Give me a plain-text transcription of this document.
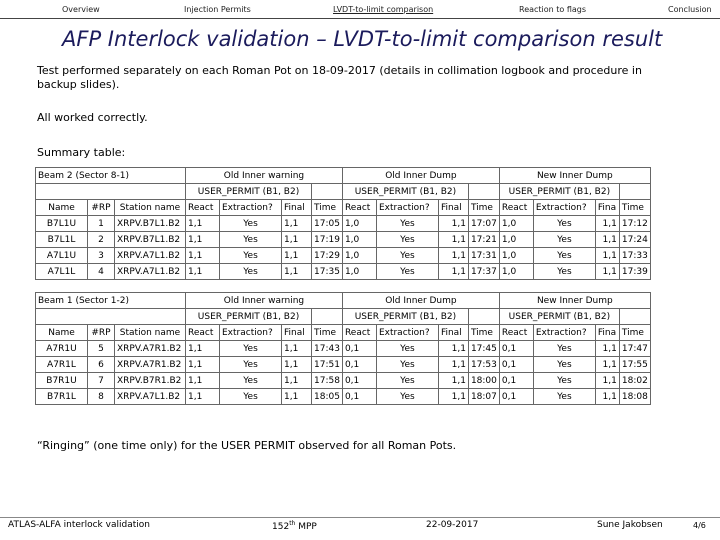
Overview	Injection Permits	LVDT-to-limit comparison	Reaction to flags	Conclusion
AFP Interlock validation – LVDT-to-limit comparison result
Test performed separately on each Roman Pot on 18-09-2017 (details in collimation logbook and procedure in backup slides).
All worked correctly.
Summary table:
Beam 2 (Sector 8-1)			Old Inner warning				Old Inner Dump				New Inner Dump			
			USER_PERMIT (B1, B2)				USER_PERMIT (B1, B2)				USER_PERMIT (B1, B2)			
Name	#RP	Station name	React	Extraction?	Final	Time	React	Extraction?	Final	Time	React	Extraction?	Fina	Time
B7L1U	1	XRPV.B7L1.B2	1,1	Yes	1,1	17:05	1,0	Yes	1,1	17:07	1,0	Yes	1,1	17:12
B7L1L	2	XRPV.B7L1.B2	1,1	Yes	1,1	17:19	1,0	Yes	1,1	17:21	1,0	Yes	1,1	17:24
A7L1U	3	XRPV.A7L1.B2	1,1	Yes	1,1	17:29	1,0	Yes	1,1	17:31	1,0	Yes	1,1	17:33
A7L1L	4	XRPV.A7L1.B2	1,1	Yes	1,1	17:35	1,0	Yes	1,1	17:37	1,0	Yes	1,1	17:39
Beam 1 (Sector 1-2)			Old Inner warning				Old Inner Dump				New Inner Dump			
			USER_PERMIT (B1, B2)				USER_PERMIT (B1, B2)				USER_PERMIT (B1, B2)			
Name	#RP	Station name	React	Extraction?	Final	Time	React	Extraction?	Final	Time	React	Extraction?	Fina	Time
A7R1U	5	XRPV.A7R1.B2	1,1	Yes	1,1	17:43	0,1	Yes	1,1	17:45	0,1	Yes	1,1	17:47
A7R1L	6	XRPV.A7R1.B2	1,1	Yes	1,1	17:51	0,1	Yes	1,1	17:53	0,1	Yes	1,1	17:55
B7R1U	7	XRPV.B7R1.B2	1,1	Yes	1,1	17:58	0,1	Yes	1,1	18:00	0,1	Yes	1,1	18:02
B7R1L	8	XRPV.A7L1.B2	1,1	Yes	1,1	18:05	0,1	Yes	1,1	18:07	0,1	Yes	1,1	18:08
“Ringing” (one time only) for the USER PERMIT observed for all Roman Pots.
ATLAS-ALFA interlock validation	152th MPP	22-09-2017	Sune Jakobsen	4/6
